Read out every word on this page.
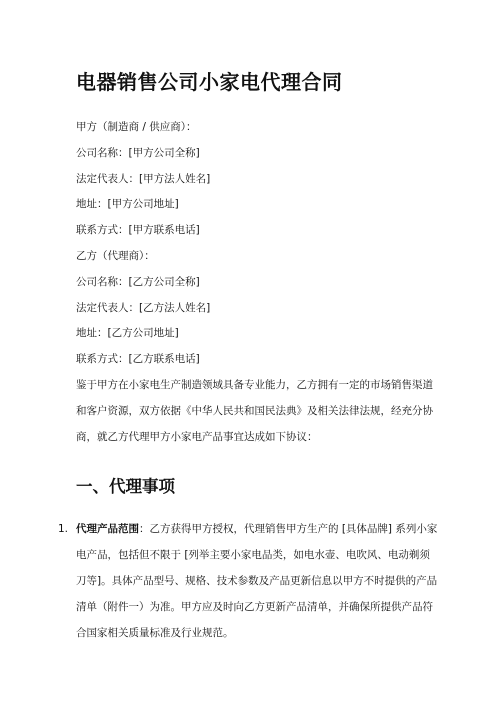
电器销售公司小家电代理合同
甲方（制造商 / 供应商）：
公司名称：[甲方公司全称]
法定代表人：[甲方法人姓名]
地址：[甲方公司地址]
联系方式：[甲方联系电话]
乙方（代理商）：
公司名称：[乙方公司全称]
法定代表人：[乙方法人姓名]
地址：[乙方公司地址]
联系方式：[乙方联系电话]
鉴于甲方在小家电生产制造领域具备专业能力，乙方拥有一定的市场销售渠道
和客户资源，双方依据《中华人民共和国民法典》及相关法律法规，经充分协
商，就乙方代理甲方小家电产品事宜达成如下协议：
一、代理事项
1. 代理产品范围：乙方获得甲方授权，代理销售甲方生产的 [具体品牌] 系列小家
电产品，包括但不限于 [列举主要小家电品类，如电水壶、电吹风、电动剃须
刀等]。具体产品型号、规格、技术参数及产品更新信息以甲方不时提供的产品
清单（附件一）为准。甲方应及时向乙方更新产品清单，并确保所提供产品符
合国家相关质量标准及行业规范。
